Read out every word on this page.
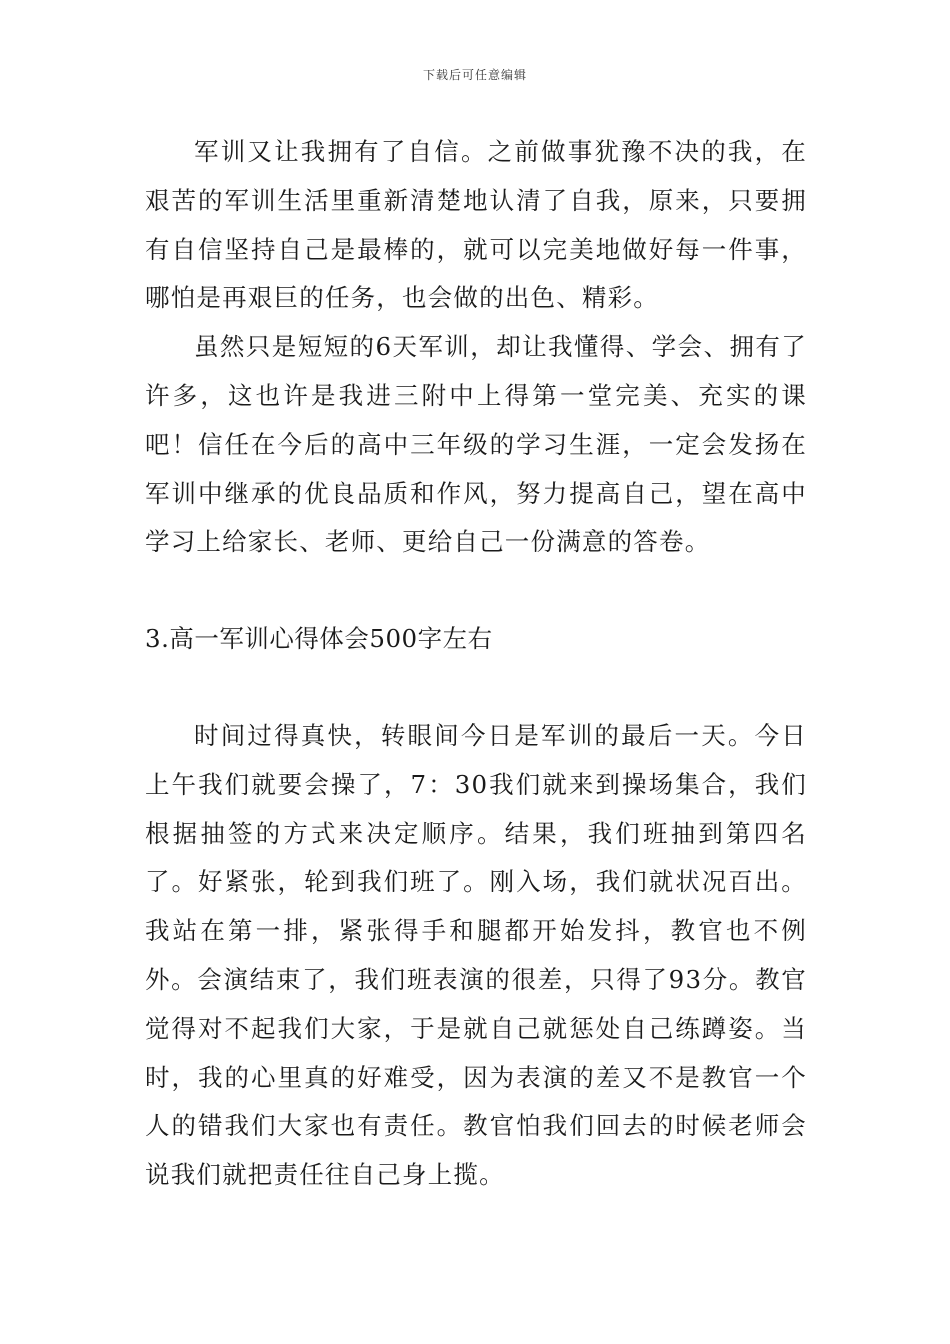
下载后可任意编辑

军训又让我拥有了自信。之前做事犹豫不决的我，在艰苦的军训生活里重新清楚地认清了自我，原来，只要拥有自信坚持自己是最棒的，就可以完美地做好每一件事，哪怕是再艰巨的任务，也会做的出色、精彩。

虽然只是短短的6天军训，却让我懂得、学会、拥有了许多，这也许是我进三附中上得第一堂完美、充实的课吧！信任在今后的高中三年级的学习生涯，一定会发扬在军训中继承的优良品质和作风，努力提高自己，望在高中学习上给家长、老师、更给自己一份满意的答卷。

3.高一军训心得体会500字左右

时间过得真快，转眼间今日是军训的最后一天。今日上午我们就要会操了，7：30我们就来到操场集合，我们根据抽签的方式来决定顺序。结果，我们班抽到第四名了。好紧张，轮到我们班了。刚入场，我们就状况百出。我站在第一排，紧张得手和腿都开始发抖，教官也不例外。会演结束了，我们班表演的很差，只得了93分。教官觉得对不起我们大家，于是就自己就惩处自己练蹲姿。当时，我的心里真的好难受，因为表演的差又不是教官一个人的错我们大家也有责任。教官怕我们回去的时候老师会说我们就把责任往自己身上揽。
